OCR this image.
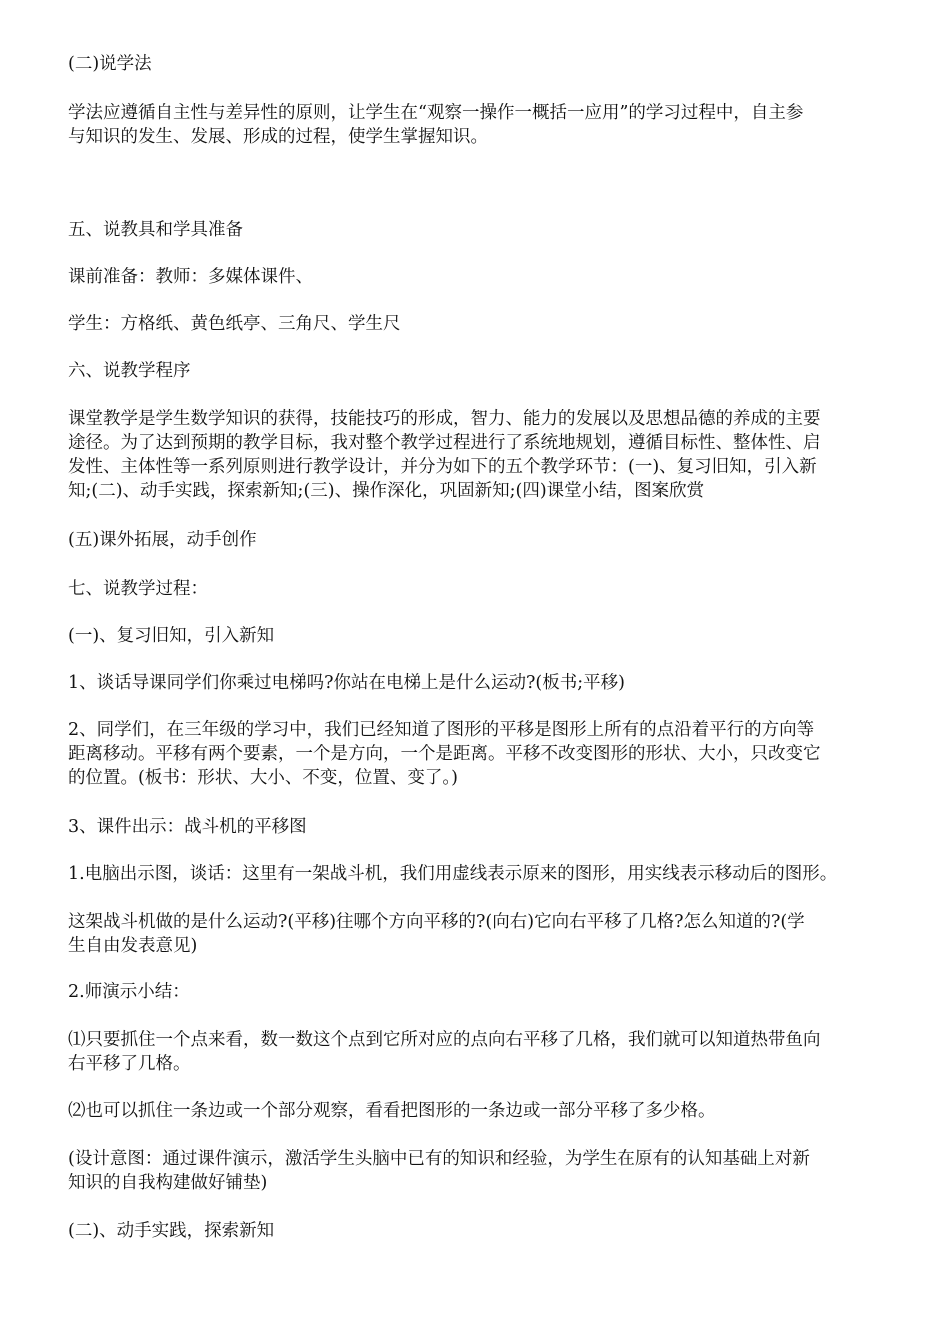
(二)说学法
学法应遵循自主性与差异性的原则，让学生在“观察一操作一概括一应用”的学习过程中，自主参
与知识的发生、发展、形成的过程，使学生掌握知识。
五、说教具和学具准备
课前准备：教师：多媒体课件、
学生：方格纸、黄色纸亭、三角尺、学生尺
六、说教学程序
课堂教学是学生数学知识的获得，技能技巧的形成，智力、能力的发展以及思想品德的养成的主要
途径。为了达到预期的教学目标，我对整个教学过程进行了系统地规划，遵循目标性、整体性、启
发性、主体性等一系列原则进行教学设计，并分为如下的五个教学环节：(一)、复习旧知，引入新
知;(二)、动手实践，探索新知;(三)、操作深化，巩固新知;(四)课堂小结，图案欣赏
(五)课外拓展，动手创作
七、说教学过程：
(一)、复习旧知，引入新知
1、谈话导课同学们你乘过电梯吗?你站在电梯上是什么运动?(板书;平移)
2、同学们，在三年级的学习中，我们已经知道了图形的平移是图形上所有的点沿着平行的方向等
距离移动。平移有两个要素，一个是方向，一个是距离。平移不改变图形的形状、大小，只改变它
的位置。(板书：形状、大小、不变，位置、变了。)
3、课件出示：战斗机的平移图
1.电脑出示图，谈话：这里有一架战斗机，我们用虚线表示原来的图形，用实线表示移动后的图形。
这架战斗机做的是什么运动?(平移)往哪个方向平移的?(向右)它向右平移了几格?怎么知道的?(学
生自由发表意见)
2.师演示小结：
⑴只要抓住一个点来看，数一数这个点到它所对应的点向右平移了几格，我们就可以知道热带鱼向
右平移了几格。
⑵也可以抓住一条边或一个部分观察，看看把图形的一条边或一部分平移了多少格。
(设计意图：通过课件演示，激活学生头脑中已有的知识和经验，为学生在原有的认知基础上对新
知识的自我构建做好铺垫)
(二)、动手实践，探索新知
